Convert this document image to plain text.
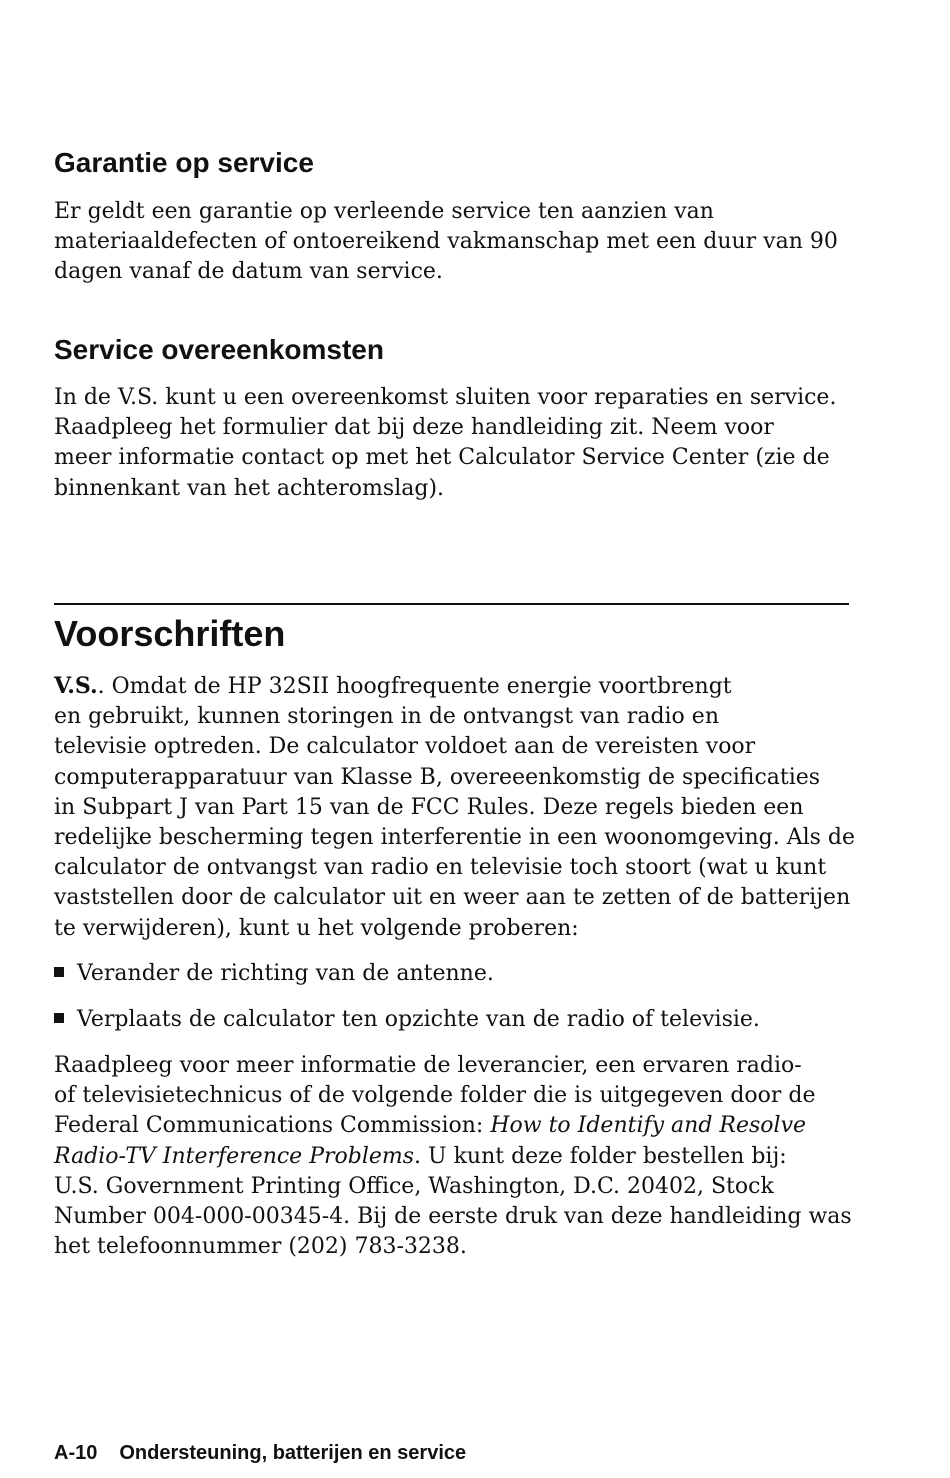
Garantie op service
Er geldt een garantie op verleende service ten aanzien van
materiaaldefecten of ontoereikend vakmanschap met een duur van 90
dagen vanaf de datum van service.
Service overeenkomsten
In de V.S. kunt u een overeenkomst sluiten voor reparaties en service.
Raadpleeg het formulier dat bij deze handleiding zit. Neem voor
meer informatie contact op met het Calculator Service Center (zie de
binnenkant van het achteromslag).
Voorschriften
V.S.. Omdat de HP 32SII hoogfrequente energie voortbrengt
en gebruikt, kunnen storingen in de ontvangst van radio en
televisie optreden. De calculator voldoet aan de vereisten voor
computerapparatuur van Klasse B, overeeenkomstig de specificaties
in Subpart J van Part 15 van de FCC Rules. Deze regels bieden een
redelijke bescherming tegen interferentie in een woonomgeving. Als de
calculator de ontvangst van radio en televisie toch stoort (wat u kunt
vaststellen door de calculator uit en weer aan te zetten of de batterijen
te verwijderen), kunt u het volgende proberen:
Verander de richting van de antenne.
Verplaats de calculator ten opzichte van de radio of televisie.
Raadpleeg voor meer informatie de leverancier, een ervaren radio-
of televisietechnicus of de volgende folder die is uitgegeven door de
Federal Communications Commission: How to Identify and Resolve
Radio-TV Interference Problems. U kunt deze folder bestellen bij:
U.S. Government Printing Office, Washington, D.C. 20402, Stock
Number 004-000-00345-4. Bij de eerste druk van deze handleiding was
het telefoonnummer (202) 783-3238.
A-10 Ondersteuning, batterijen en service
